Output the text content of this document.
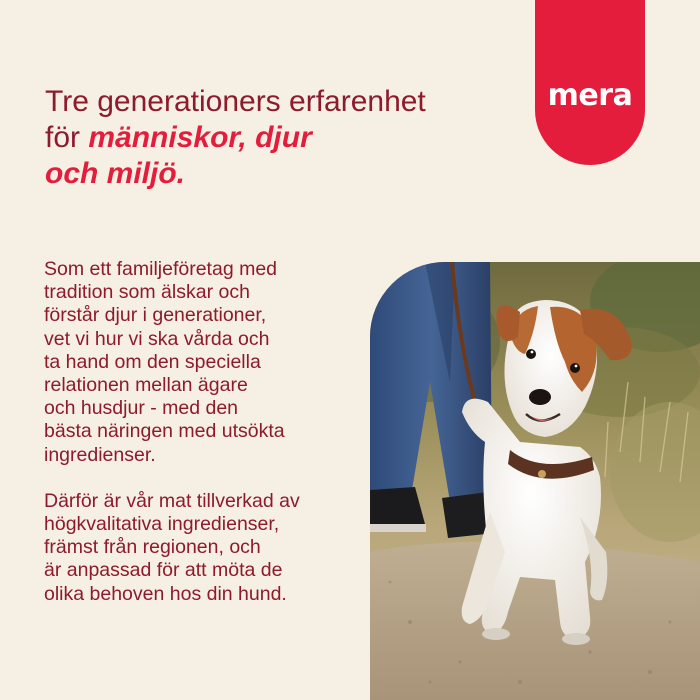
mera
Tre generationers erfarenhet
för människor, djur
och miljö.

Som ett familjeföretag med
tradition som älskar och
förstår djur i generationer,
vet vi hur vi ska vårda och
ta hand om den speciella
relationen mellan ägare
och husdjur - med den
bästa näringen med utsökta
ingredienser.

Därför är vår mat tillverkad av
högkvalitativa ingredienser,
främst från regionen, och
är anpassad för att möta de
olika behoven hos din hund.
